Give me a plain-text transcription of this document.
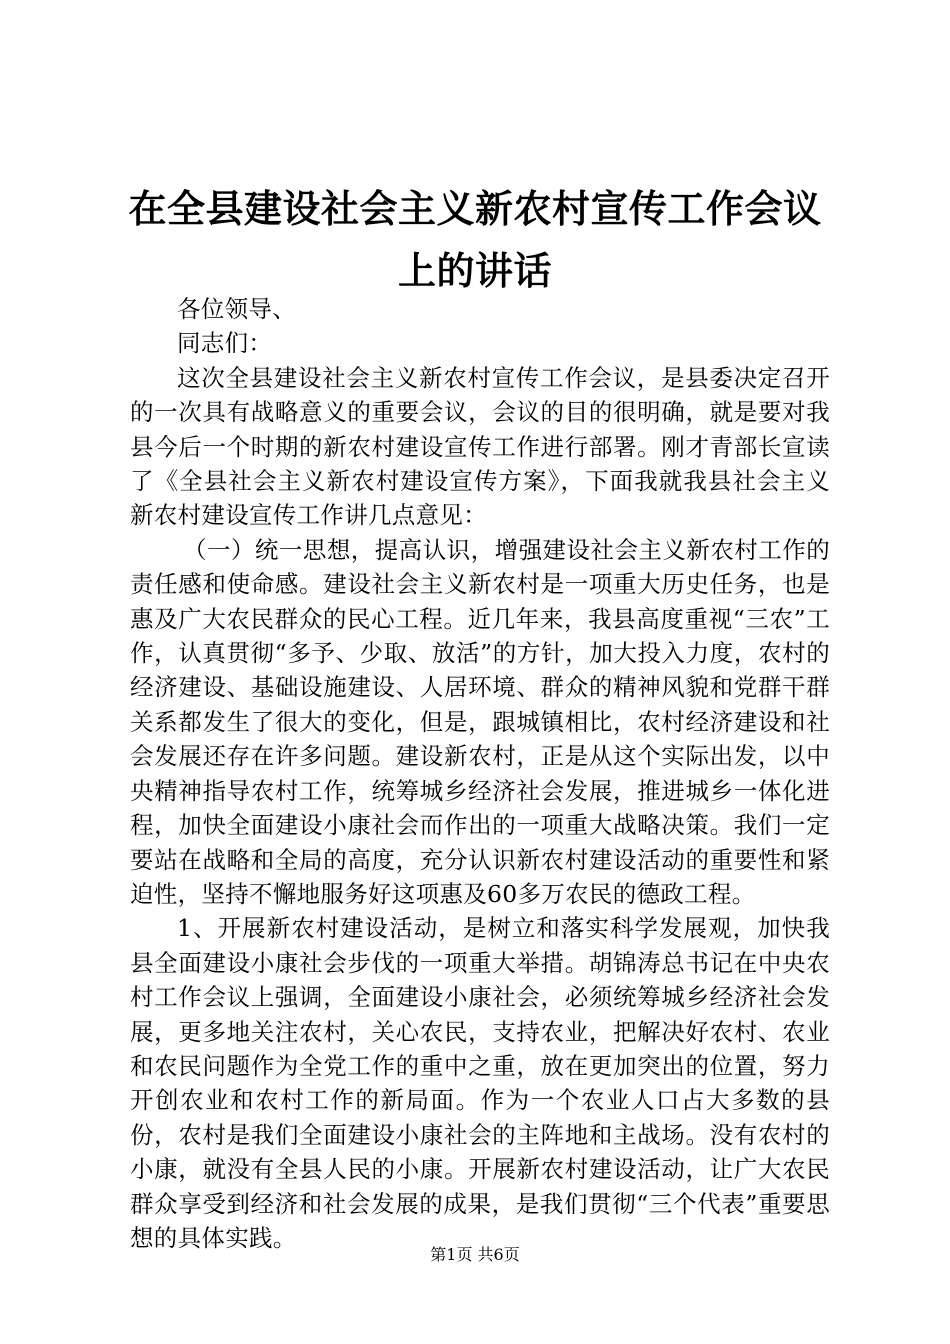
在全县建设社会主义新农村宣传工作会议上的讲话

各位领导、

同志们：

这次全县建设社会主义新农村宣传工作会议，是县委决定召开的一次具有战略意义的重要会议，会议的目的很明确，就是要对我县今后一个时期的新农村建设宣传工作进行部署。刚才青部长宣读了《全县社会主义新农村建设宣传方案》，下面我就我县社会主义新农村建设宣传工作讲几点意见：

（一）统一思想，提高认识，增强建设社会主义新农村工作的责任感和使命感。建设社会主义新农村是一项重大历史任务，也是惠及广大农民群众的民心工程。近几年来，我县高度重视“三农”工作，认真贯彻“多予、少取、放活”的方针，加大投入力度，农村的经济建设、基础设施建设、人居环境、群众的精神风貌和党群干群关系都发生了很大的变化，但是，跟城镇相比，农村经济建设和社会发展还存在许多问题。建设新农村，正是从这个实际出发，以中央精神指导农村工作，统筹城乡经济社会发展，推进城乡一体化进程，加快全面建设小康社会而作出的一项重大战略决策。我们一定要站在战略和全局的高度，充分认识新农村建设活动的重要性和紧迫性，坚持不懈地服务好这项惠及60多万农民的德政工程。

1、开展新农村建设活动，是树立和落实科学发展观，加快我县全面建设小康社会步伐的一项重大举措。胡锦涛总书记在中央农村工作会议上强调，全面建设小康社会，必须统筹城乡经济社会发展，更多地关注农村，关心农民，支持农业，把解决好农村、农业和农民问题作为全党工作的重中之重，放在更加突出的位置，努力开创农业和农村工作的新局面。作为一个农业人口占大多数的县份，农村是我们全面建设小康社会的主阵地和主战场。没有农村的小康，就没有全县人民的小康。开展新农村建设活动，让广大农民群众享受到经济和社会发展的成果，是我们贯彻“三个代表”重要思想的具体实践。

第1页 共6页
